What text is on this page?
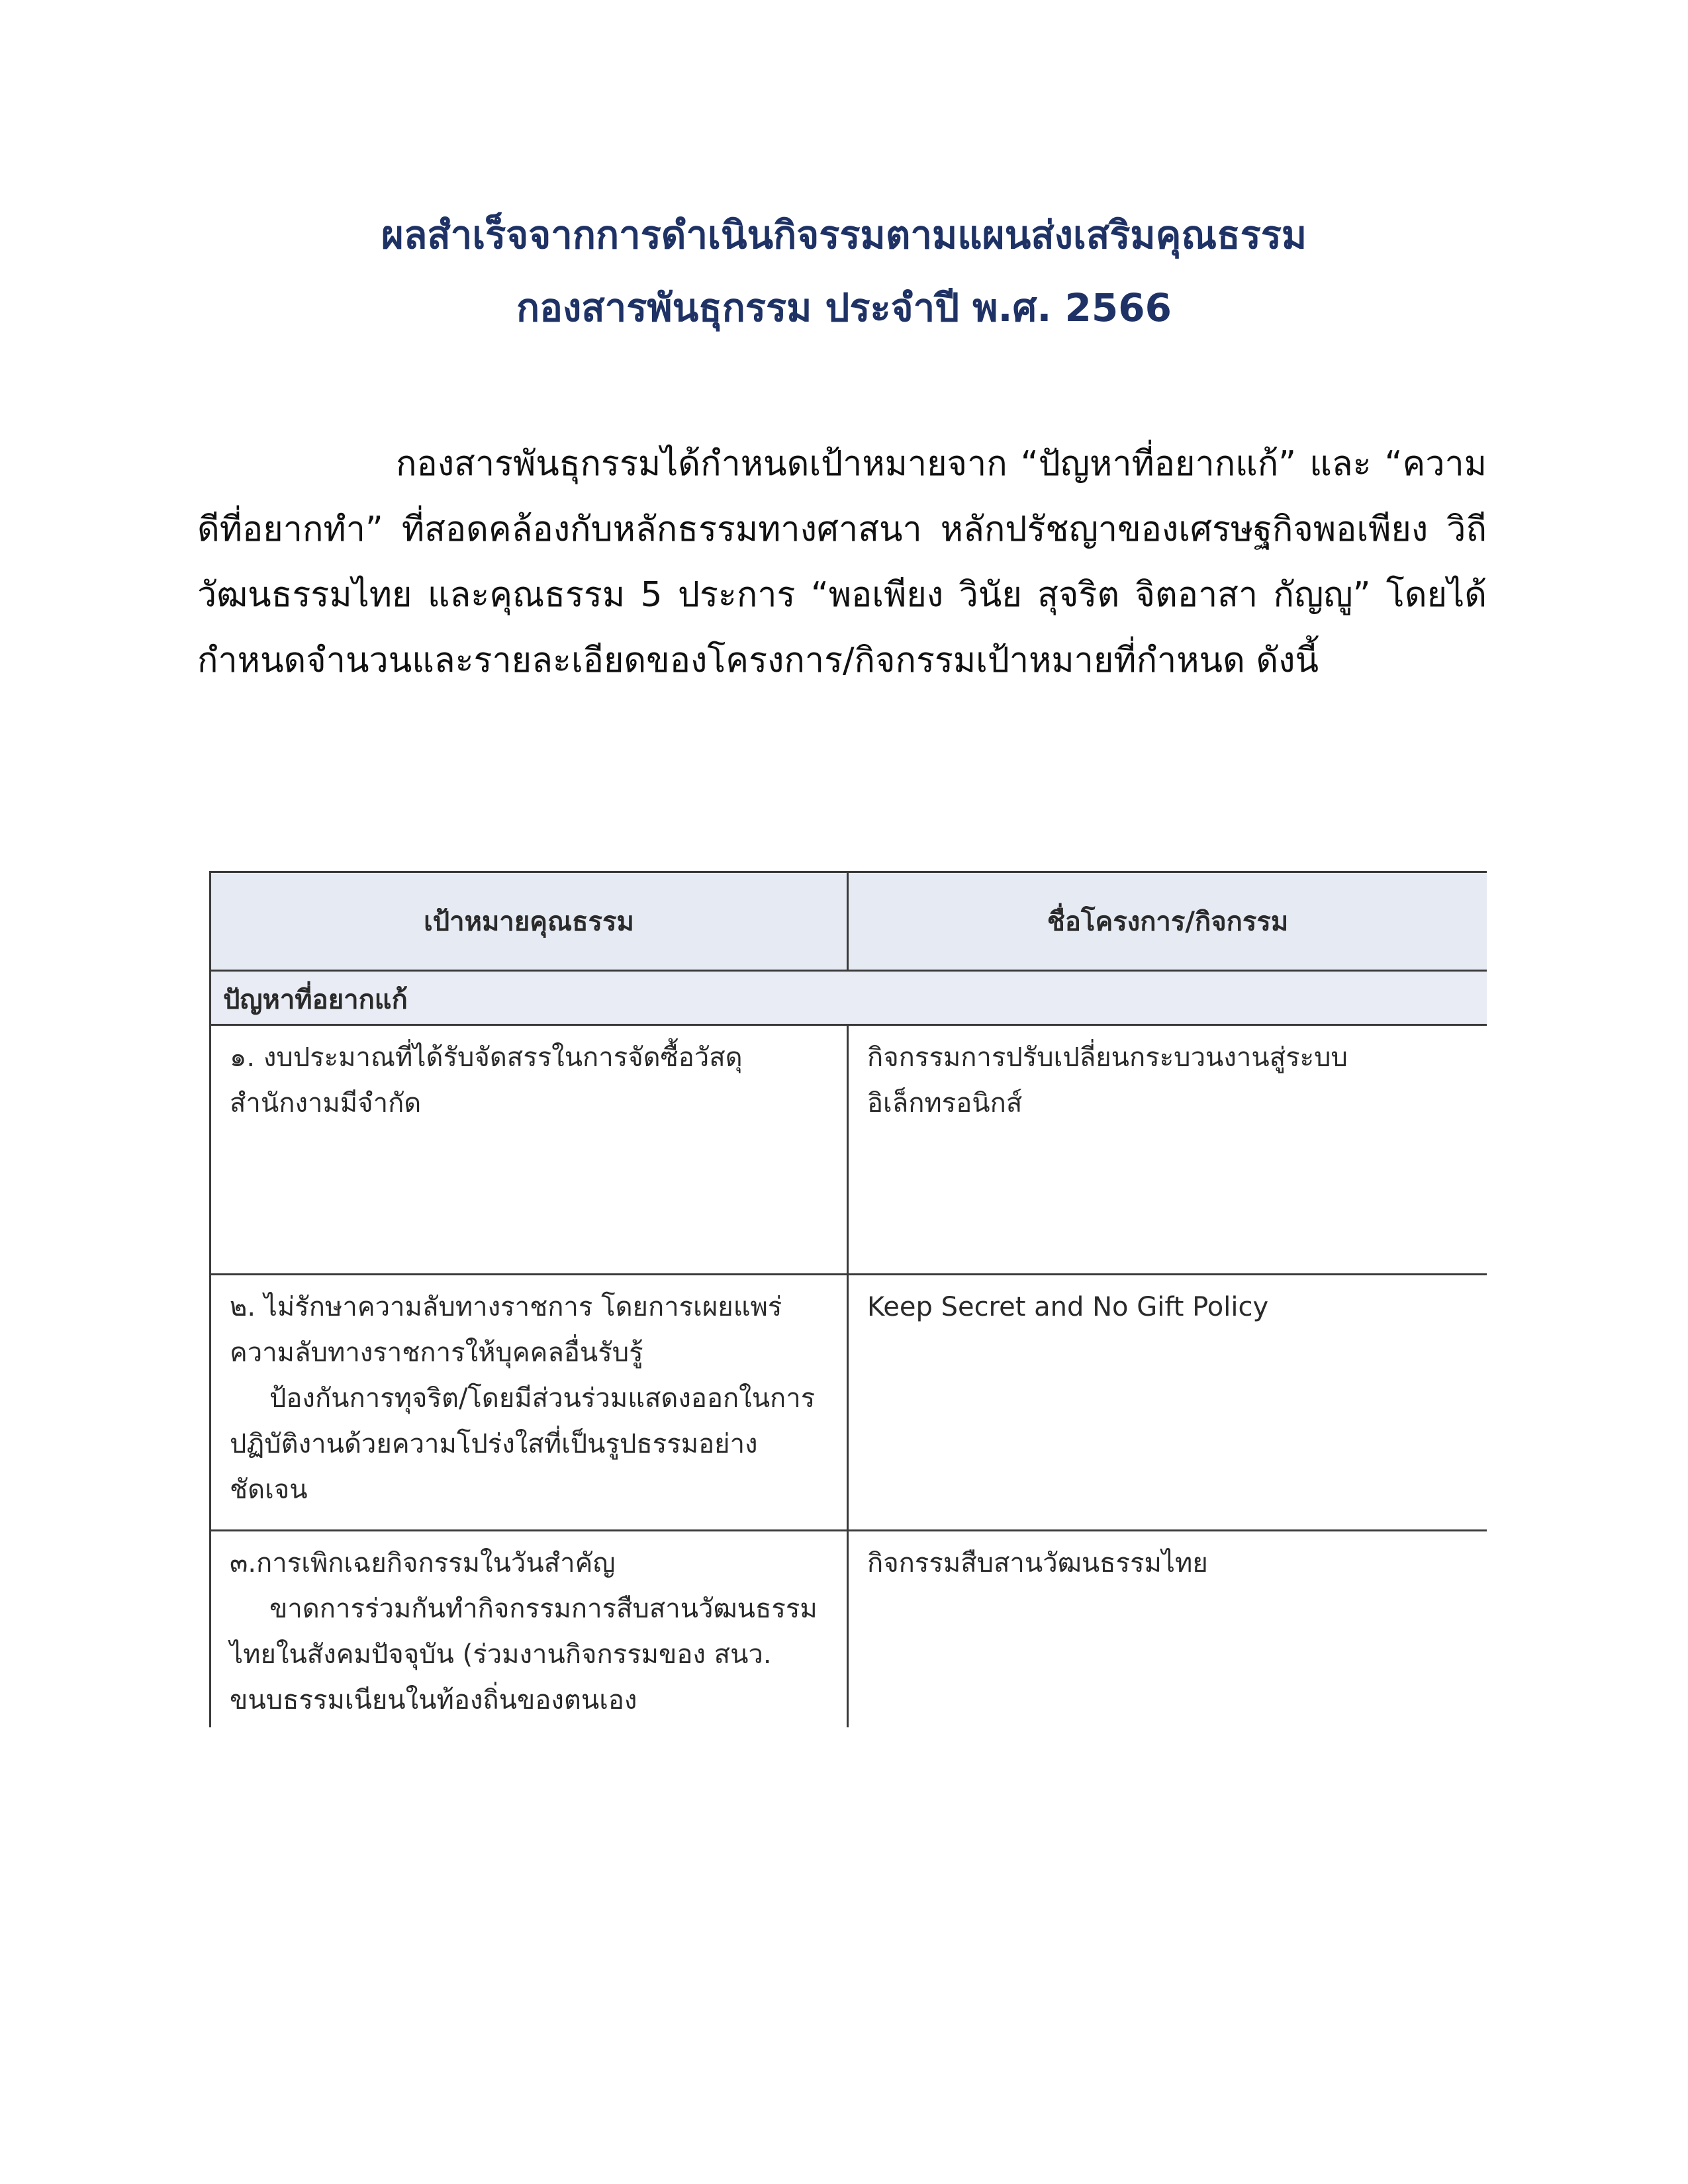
ผลสำเร็จจากการดำเนินกิจรรมตามแผนส่งเสริมคุณธรรม
กองสารพันธุกรรม ประจำปี พ.ศ. 2566

กองสารพันธุกรรมได้กำหนดเป้าหมายจาก “ปัญหาที่อยากแก้” และ “ความดีที่อยากทำ” ที่สอดคล้องกับหลักธรรมทางศาสนา หลักปรัชญาของเศรษฐกิจพอเพียง วิถีวัฒนธรรมไทย และคุณธรรม 5 ประการ “พอเพียง วินัย สุจริต จิตอาสา กัญญู” โดยได้กำหนดจำนวนและรายละเอียดของโครงการ/กิจกรรมเป้าหมายที่กำหนด ดังนี้

เป้าหมายคุณธรรม	ชื่อโครงการ/กิจกรรม
ปัญหาที่อยากแก้	

๑. งบประมาณที่ได้รับจัดสรรในการจัดซื้อวัสดุ
สำนักงามมีจำกัด	กิจกรรมการปรับเปลี่ยนกระบวนงานสู่ระบบ
อิเล็กทรอนิกส์

๒. ไม่รักษาความลับทางราชการ โดยการเผยแพร่
ความลับทางราชการให้บุคคลอื่นรับรู้
ป้องกันการทุจริต/โดยมีส่วนร่วมแสดงออกในการ
ปฏิบัติงานด้วยความโปร่งใสที่เป็นรูปธรรมอย่าง
ชัดเจน	Keep Secret and No Gift Policy

๓.การเพิกเฉยกิจกรรมในวันสำคัญ
ขาดการร่วมกันทำกิจกรรมการสืบสานวัฒนธรรม
ไทยในสังคมปัจจุบัน (ร่วมงานกิจกรรมของ สนว.
ขนบธรรมเนียนในท้องถิ่นของตนเอง	กิจกรรมสืบสานวัฒนธรรมไทย
